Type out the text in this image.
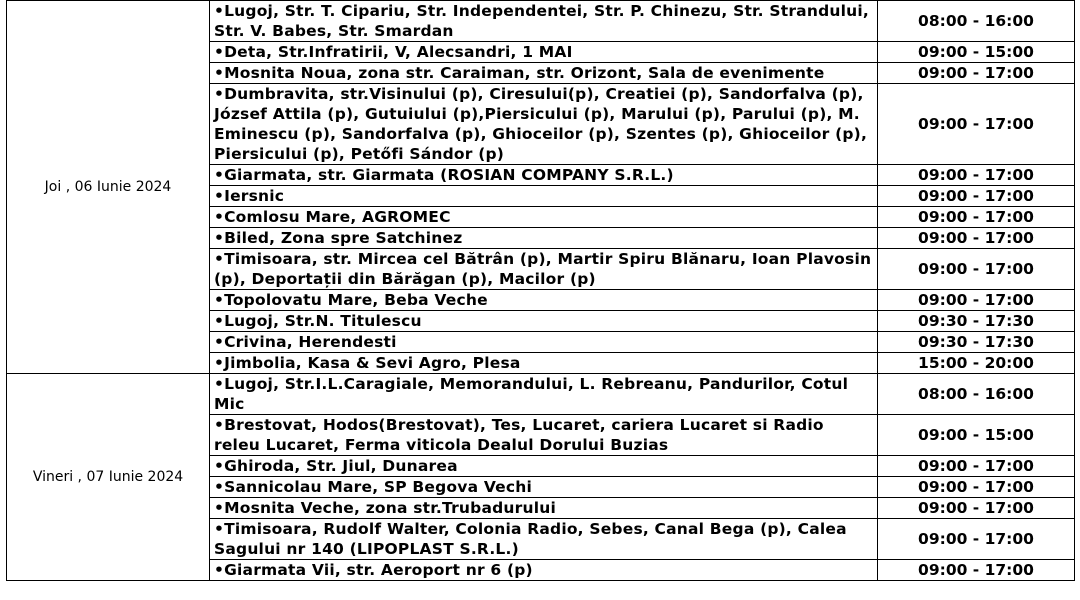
Joi , 06 Iunie 2024	•Lugoj, Str. T. Cipariu, Str. Independentei, Str. P. Chinezu, Str. Strandului, Str. V. Babes, Str. Smardan	08:00 - 16:00
	•Deta, Str.Infratirii, V, Alecsandri, 1 MAI	09:00 - 15:00
	•Mosnita Noua, zona str. Caraiman, str. Orizont, Sala de evenimente	09:00 - 17:00
	•Dumbravita, str.Visinului (p), Ciresului(p), Creatiei (p), Sandorfalva (p), József Attila (p), Gutuiului (p),Piersicului (p), Marului (p), Parului (p), M. Eminescu (p), Sandorfalva (p), Ghioceilor (p), Szentes (p), Ghioceilor (p), Piersicului (p), Petőfi Sándor (p)	09:00 - 17:00
	•Giarmata, str. Giarmata (ROSIAN COMPANY S.R.L.)	09:00 - 17:00
	•Iersnic	09:00 - 17:00
	•Comlosu Mare, AGROMEC	09:00 - 17:00
	•Biled, Zona spre Satchinez	09:00 - 17:00
	•Timisoara, str. Mircea cel Bătrân (p), Martir Spiru Blănaru, Ioan Plavosin (p), Deportații din Bărăgan (p), Macilor (p)	09:00 - 17:00
	•Topolovatu Mare, Beba Veche	09:00 - 17:00
	•Lugoj, Str.N. Titulescu	09:30 - 17:30
	•Crivina, Herendesti	09:30 - 17:30
	•Jimbolia, Kasa & Sevi Agro, Plesa	15:00 - 20:00
Vineri , 07 Iunie 2024	•Lugoj, Str.I.L.Caragiale, Memorandului, L. Rebreanu, Pandurilor, Cotul Mic	08:00 - 16:00
	•Brestovat, Hodos(Brestovat), Tes, Lucaret, cariera Lucaret si Radio releu Lucaret, Ferma viticola Dealul Dorului Buzias	09:00 - 15:00
	•Ghiroda, Str. Jiul, Dunarea	09:00 - 17:00
	•Sannicolau Mare, SP Begova Vechi	09:00 - 17:00
	•Mosnita Veche, zona str.Trubadurului	09:00 - 17:00
	•Timisoara, Rudolf Walter, Colonia Radio, Sebes, Canal Bega (p), Calea Sagului nr 140 (LIPOPLAST S.R.L.)	09:00 - 17:00
	•Giarmata Vii, str. Aeroport nr 6 (p)	09:00 - 17:00
